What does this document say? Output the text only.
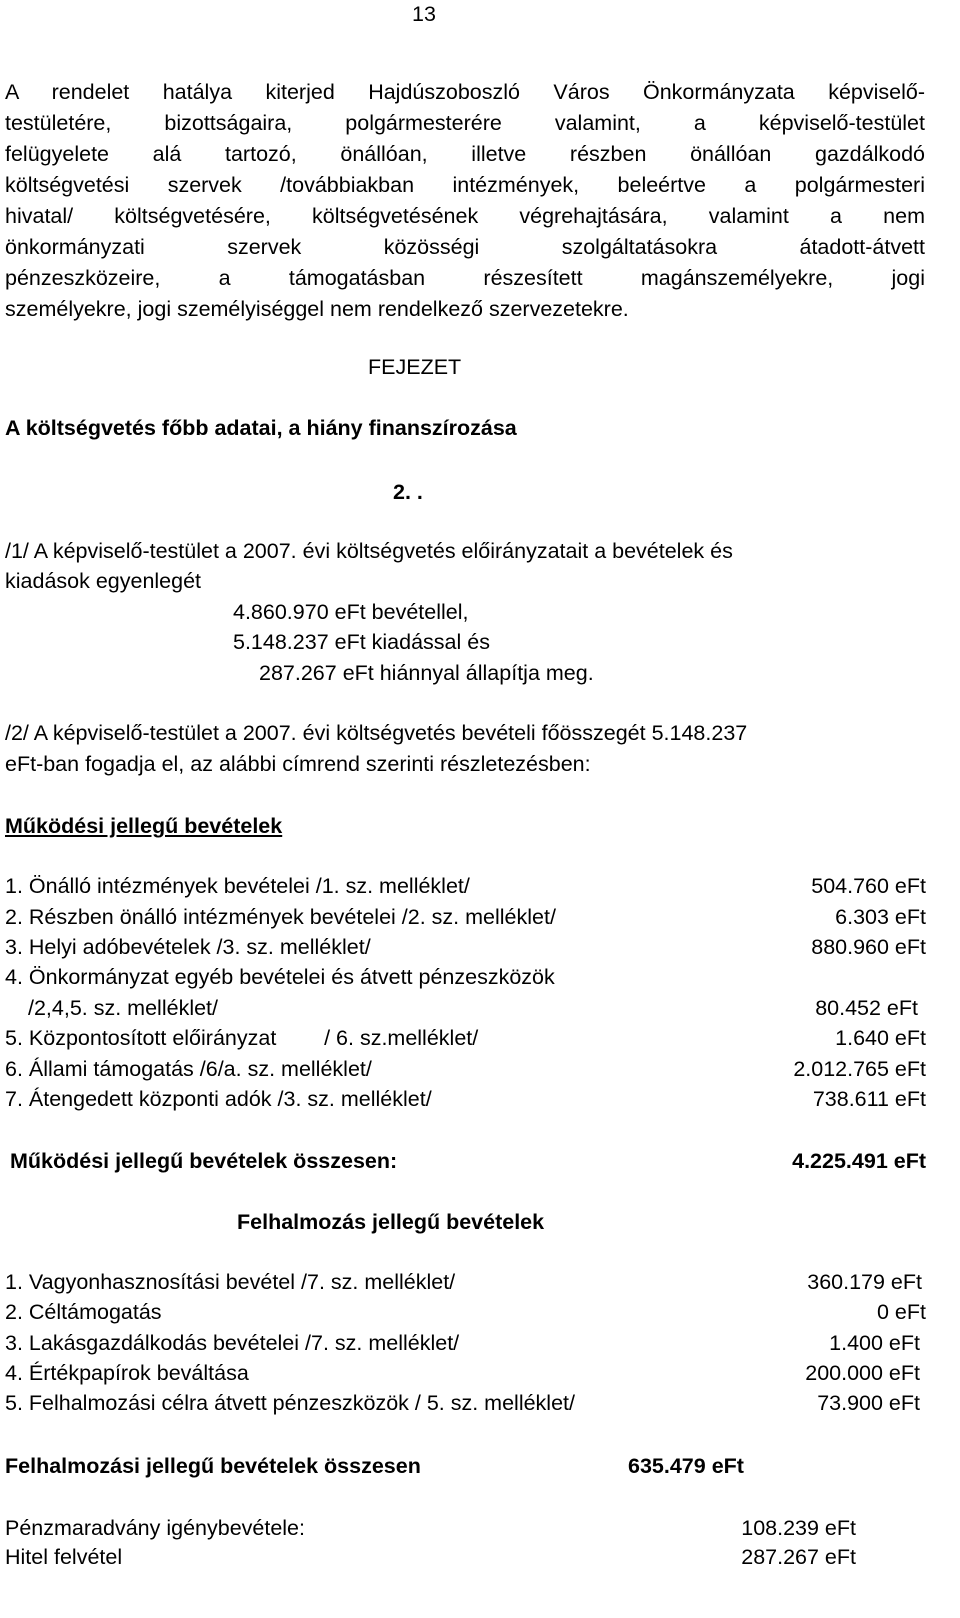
13
A rendelet hatálya kiterjed Hajdúszoboszló Város Önkormányzata képviselő-
testületére, bizottságaira, polgármesterére valamint, a képviselő-testület
felügyelete alá tartozó, önállóan, illetve részben önállóan gazdálkodó
költségvetési szervek /továbbiakban intézmények, beleértve a polgármesteri
hivatal/ költségvetésére, költségvetésének végrehajtására, valamint a nem
önkormányzati szervek közösségi szolgáltatásokra átadott-átvett
pénzeszközeire, a támogatásban részesített magánszemélyekre, jogi
személyekre, jogi személyiséggel nem rendelkező szervezetekre.
FEJEZET
A költségvetés főbb adatai, a hiány finanszírozása
2. .
/1/ A képviselő-testület a 2007. évi költségvetés előirányzatait a bevételek és
kiadások egyenlegét
4.860.970 eFt bevétellel,
5.148.237 eFt kiadással és
287.267 eFt hiánnyal állapítja meg.
/2/ A képviselő-testület a 2007. évi költségvetés bevételi főösszegét 5.148.237
eFt-ban fogadja el, az alábbi címrend szerinti részletezésben:
Működési jellegű bevételek
1. Önálló intézmények bevételei /1. sz. melléklet/	504.760 eFt
2. Részben önálló intézmények bevételei /2. sz. melléklet/	6.303 eFt
3. Helyi adóbevételek /3. sz. melléklet/	880.960 eFt
4. Önkormányzat egyéb bevételei és átvett pénzeszközök
/2,4,5. sz. melléklet/	80.452 eFt
5. Központosított előirányzat        / 6. sz.melléklet/	1.640 eFt
6. Állami támogatás /6/a. sz. melléklet/	2.012.765 eFt
7. Átengedett központi adók /3. sz. melléklet/	738.611 eFt
Működési jellegű bevételek összesen:	4.225.491 eFt
Felhalmozás jellegű bevételek
1. Vagyonhasznosítási bevétel /7. sz. melléklet/	360.179 eFt
2. Céltámogatás	0 eFt
3. Lakásgazdálkodás bevételei /7. sz. melléklet/	1.400 eFt
4. Értékpapírok beváltása	200.000 eFt
5. Felhalmozási célra átvett pénzeszközök / 5. sz. melléklet/	73.900 eFt
Felhalmozási jellegű bevételek összesen	635.479 eFt
Pénzmaradvány igénybevétele:	108.239 eFt
Hitel felvétel	287.267 eFt
